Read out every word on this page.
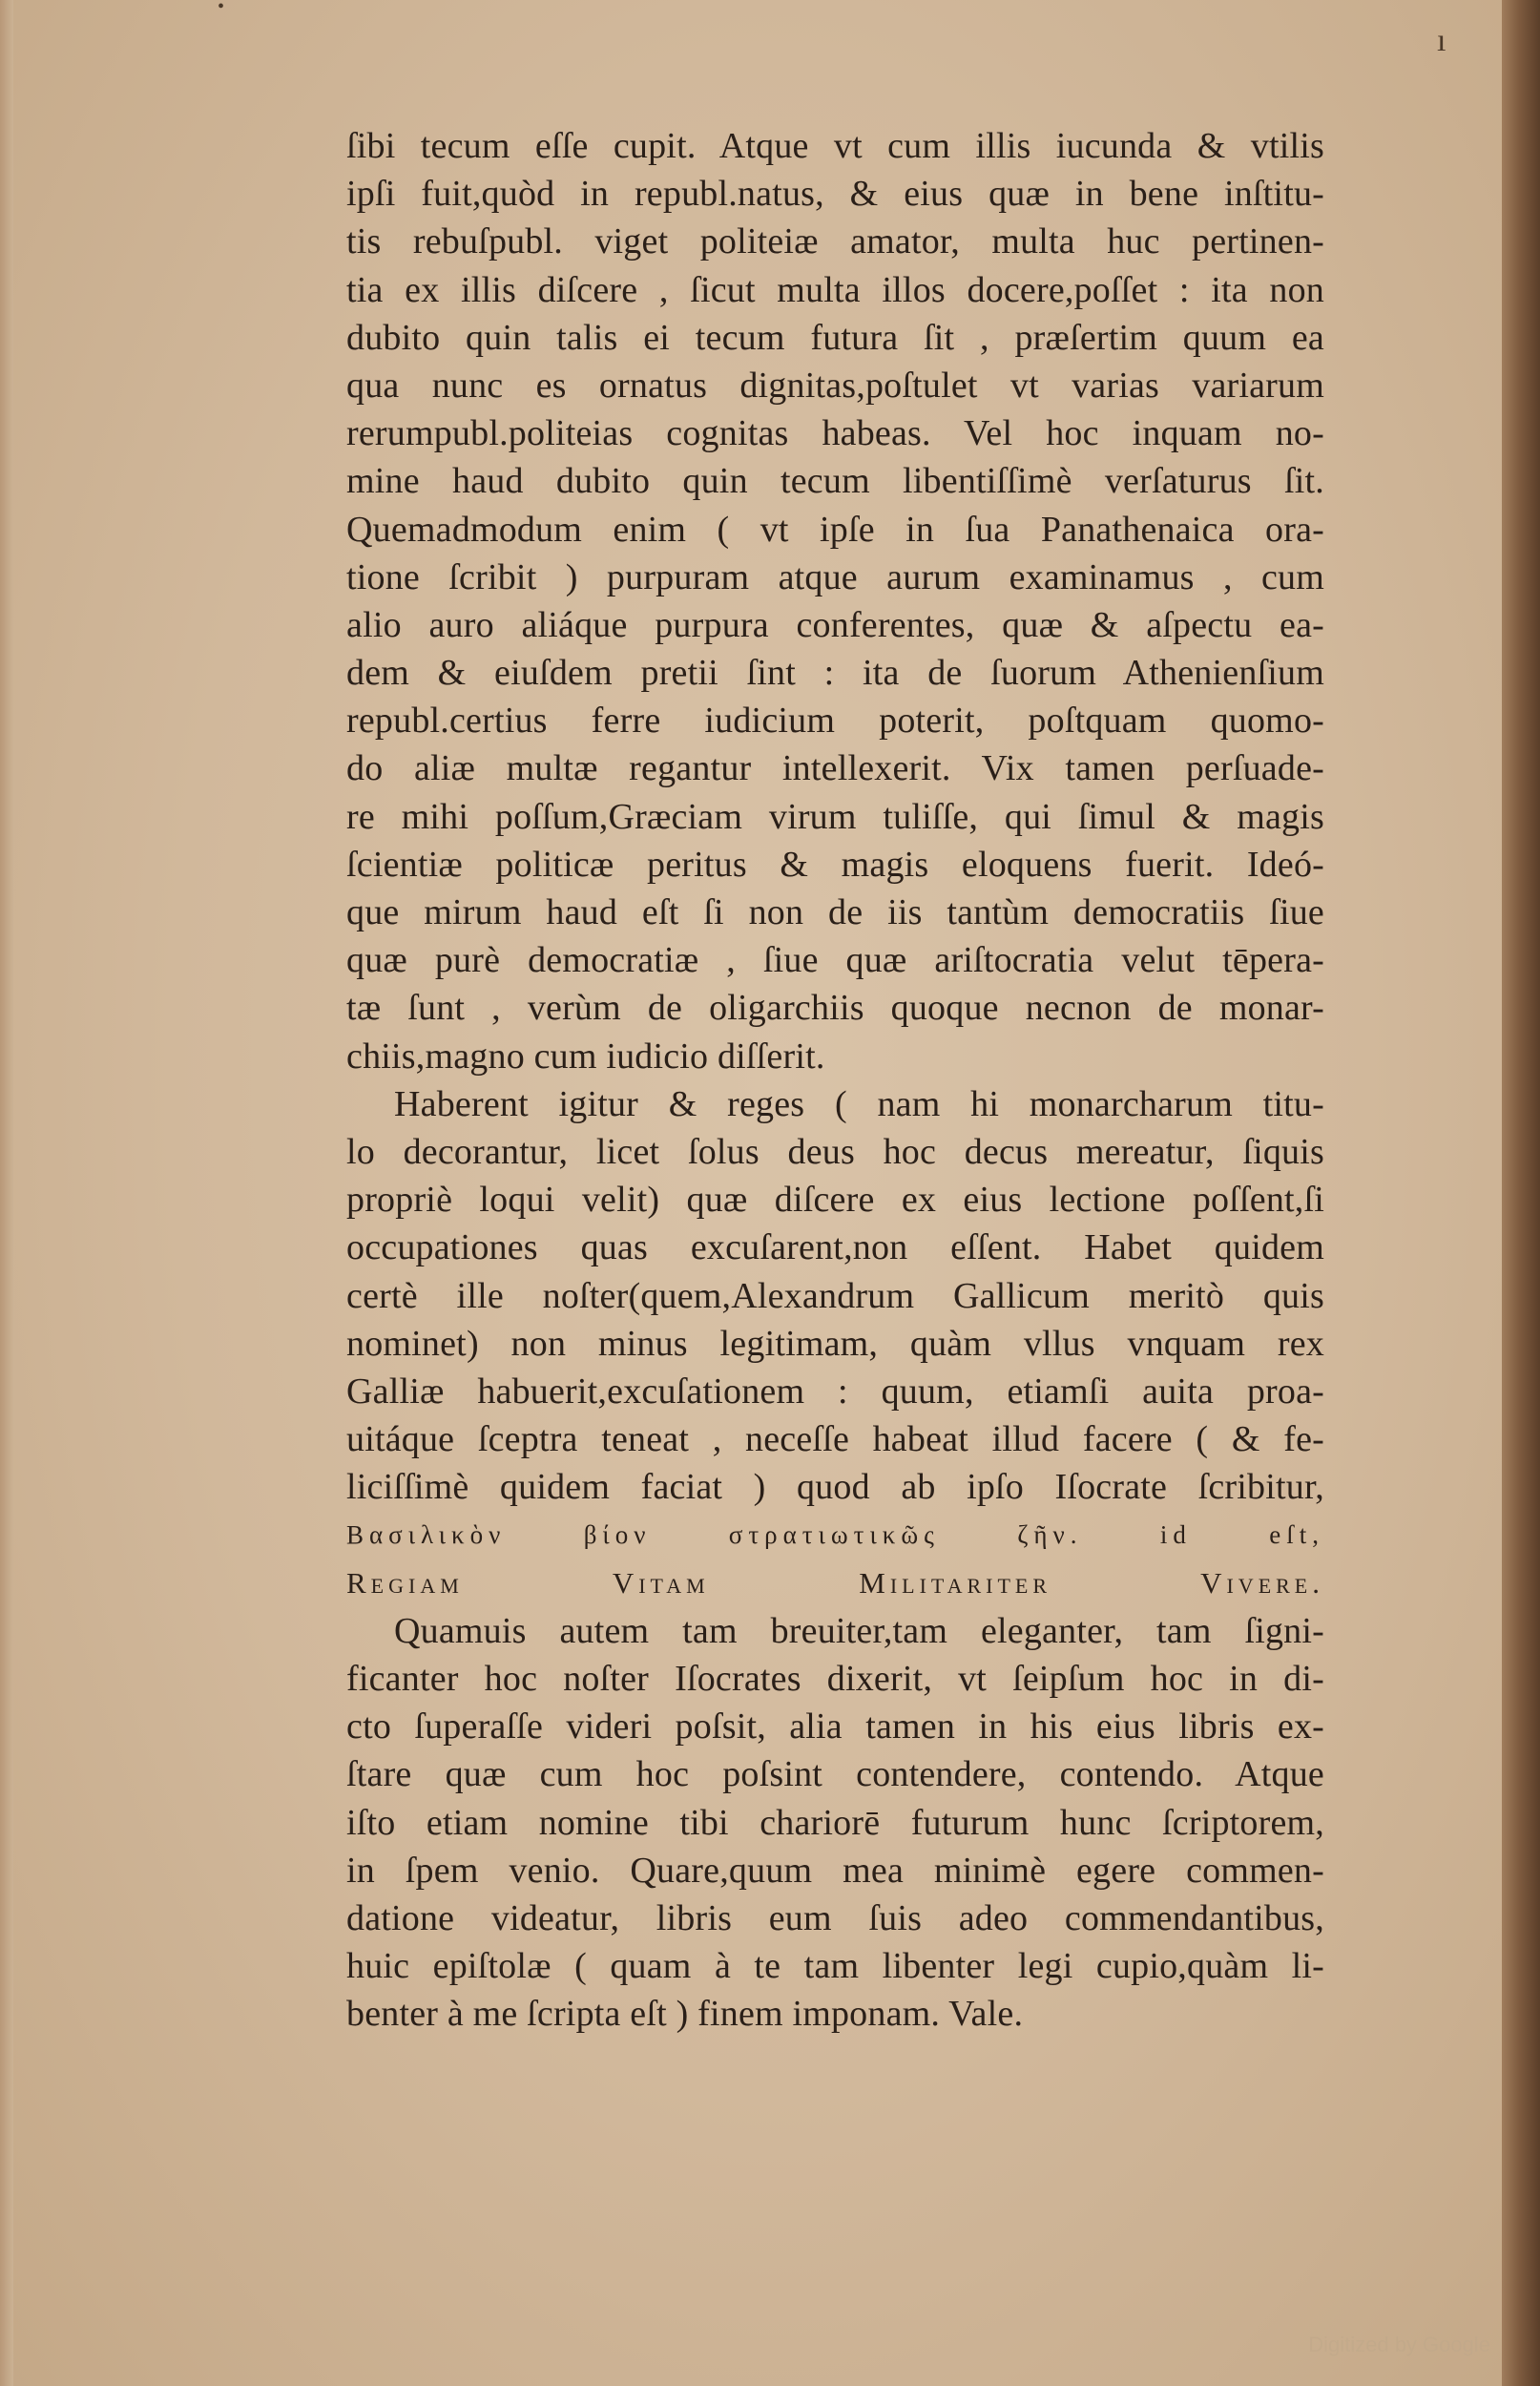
•
ı
ſibi tecum eſſe cupit. Atque vt cum illis iucunda & vtilis
ipſi fuit,quòd in republ.natus, & eius quæ in bene inſtitu-
tis rebuſpubl. viget politeiæ amator, multa huc pertinen-
tia ex illis diſcere , ſicut multa illos docere,poſſet : ita non
dubito quin talis ei tecum futura ſit , præſertim quum ea
qua nunc es ornatus dignitas,poſtulet vt varias variarum
rerumpubl.politeias cognitas habeas. Vel hoc inquam no-
mine haud dubito quin tecum libentiſſimè verſaturus ſit.
Quemadmodum enim ( vt ipſe in ſua Panathenaica ora-
tione ſcribit ) purpuram atque aurum examinamus , cum
alio auro aliáque purpura conferentes, quæ & aſpectu ea-
dem & eiuſdem pretii ſint : ita de ſuorum Athenienſium
republ.certius ferre iudicium poterit, poſtquam quomo-
do aliæ multæ regantur intellexerit. Vix tamen perſuade-
re mihi poſſum,Græciam virum tuliſſe, qui ſimul & magis
ſcientiæ politicæ peritus & magis eloquens fuerit. Ideó-
que mirum haud eſt ſi non de iis tantùm democratiis ſiue
quæ purè democratiæ , ſiue quæ ariſtocratia velut tēpera-
tæ ſunt , verùm de oligarchiis quoque necnon de monar-
chiis,magno cum iudicio diſſerit.
Haberent igitur & reges ( nam hi monarcharum titu-
lo decorantur, licet ſolus deus hoc decus mereatur, ſiquis
propriè loqui velit) quæ diſcere ex eius lectione poſſent,ſi
occupationes quas excuſarent,non eſſent. Habet quidem
certè ille noſter(quem,Alexandrum Gallicum meritò quis
nominet) non minus legitimam, quàm vllus vnquam rex
Galliæ habuerit,excuſationem : quum, etiamſi auita proa-
uitáque ſceptra teneat , neceſſe habeat illud facere ( & fe-
liciſſimè quidem faciat ) quod ab ipſo Iſocrate ſcribitur,
Βασιλικὸν βίον στρατιωτικῶς ζῆν. id eſt,
Regiam Vitam Militariter Vivere.
Quamuis autem tam breuiter,tam eleganter, tam ſigni-
ficanter hoc noſter Iſocrates dixerit, vt ſeipſum hoc in di-
cto ſuperaſſe videri poſsit, alia tamen in his eius libris ex-
ſtare quæ cum hoc poſsint contendere, contendo. Atque
iſto etiam nomine tibi chariorē futurum hunc ſcriptorem,
in ſpem venio. Quare,quum mea minimè egere commen-
datione videatur, libris eum ſuis adeo commendantibus,
huic epiſtolæ ( quam à te tam libenter legi cupio,quàm li-
benter à me ſcripta eſt ) finem imponam. Vale.
Digitized by Google
